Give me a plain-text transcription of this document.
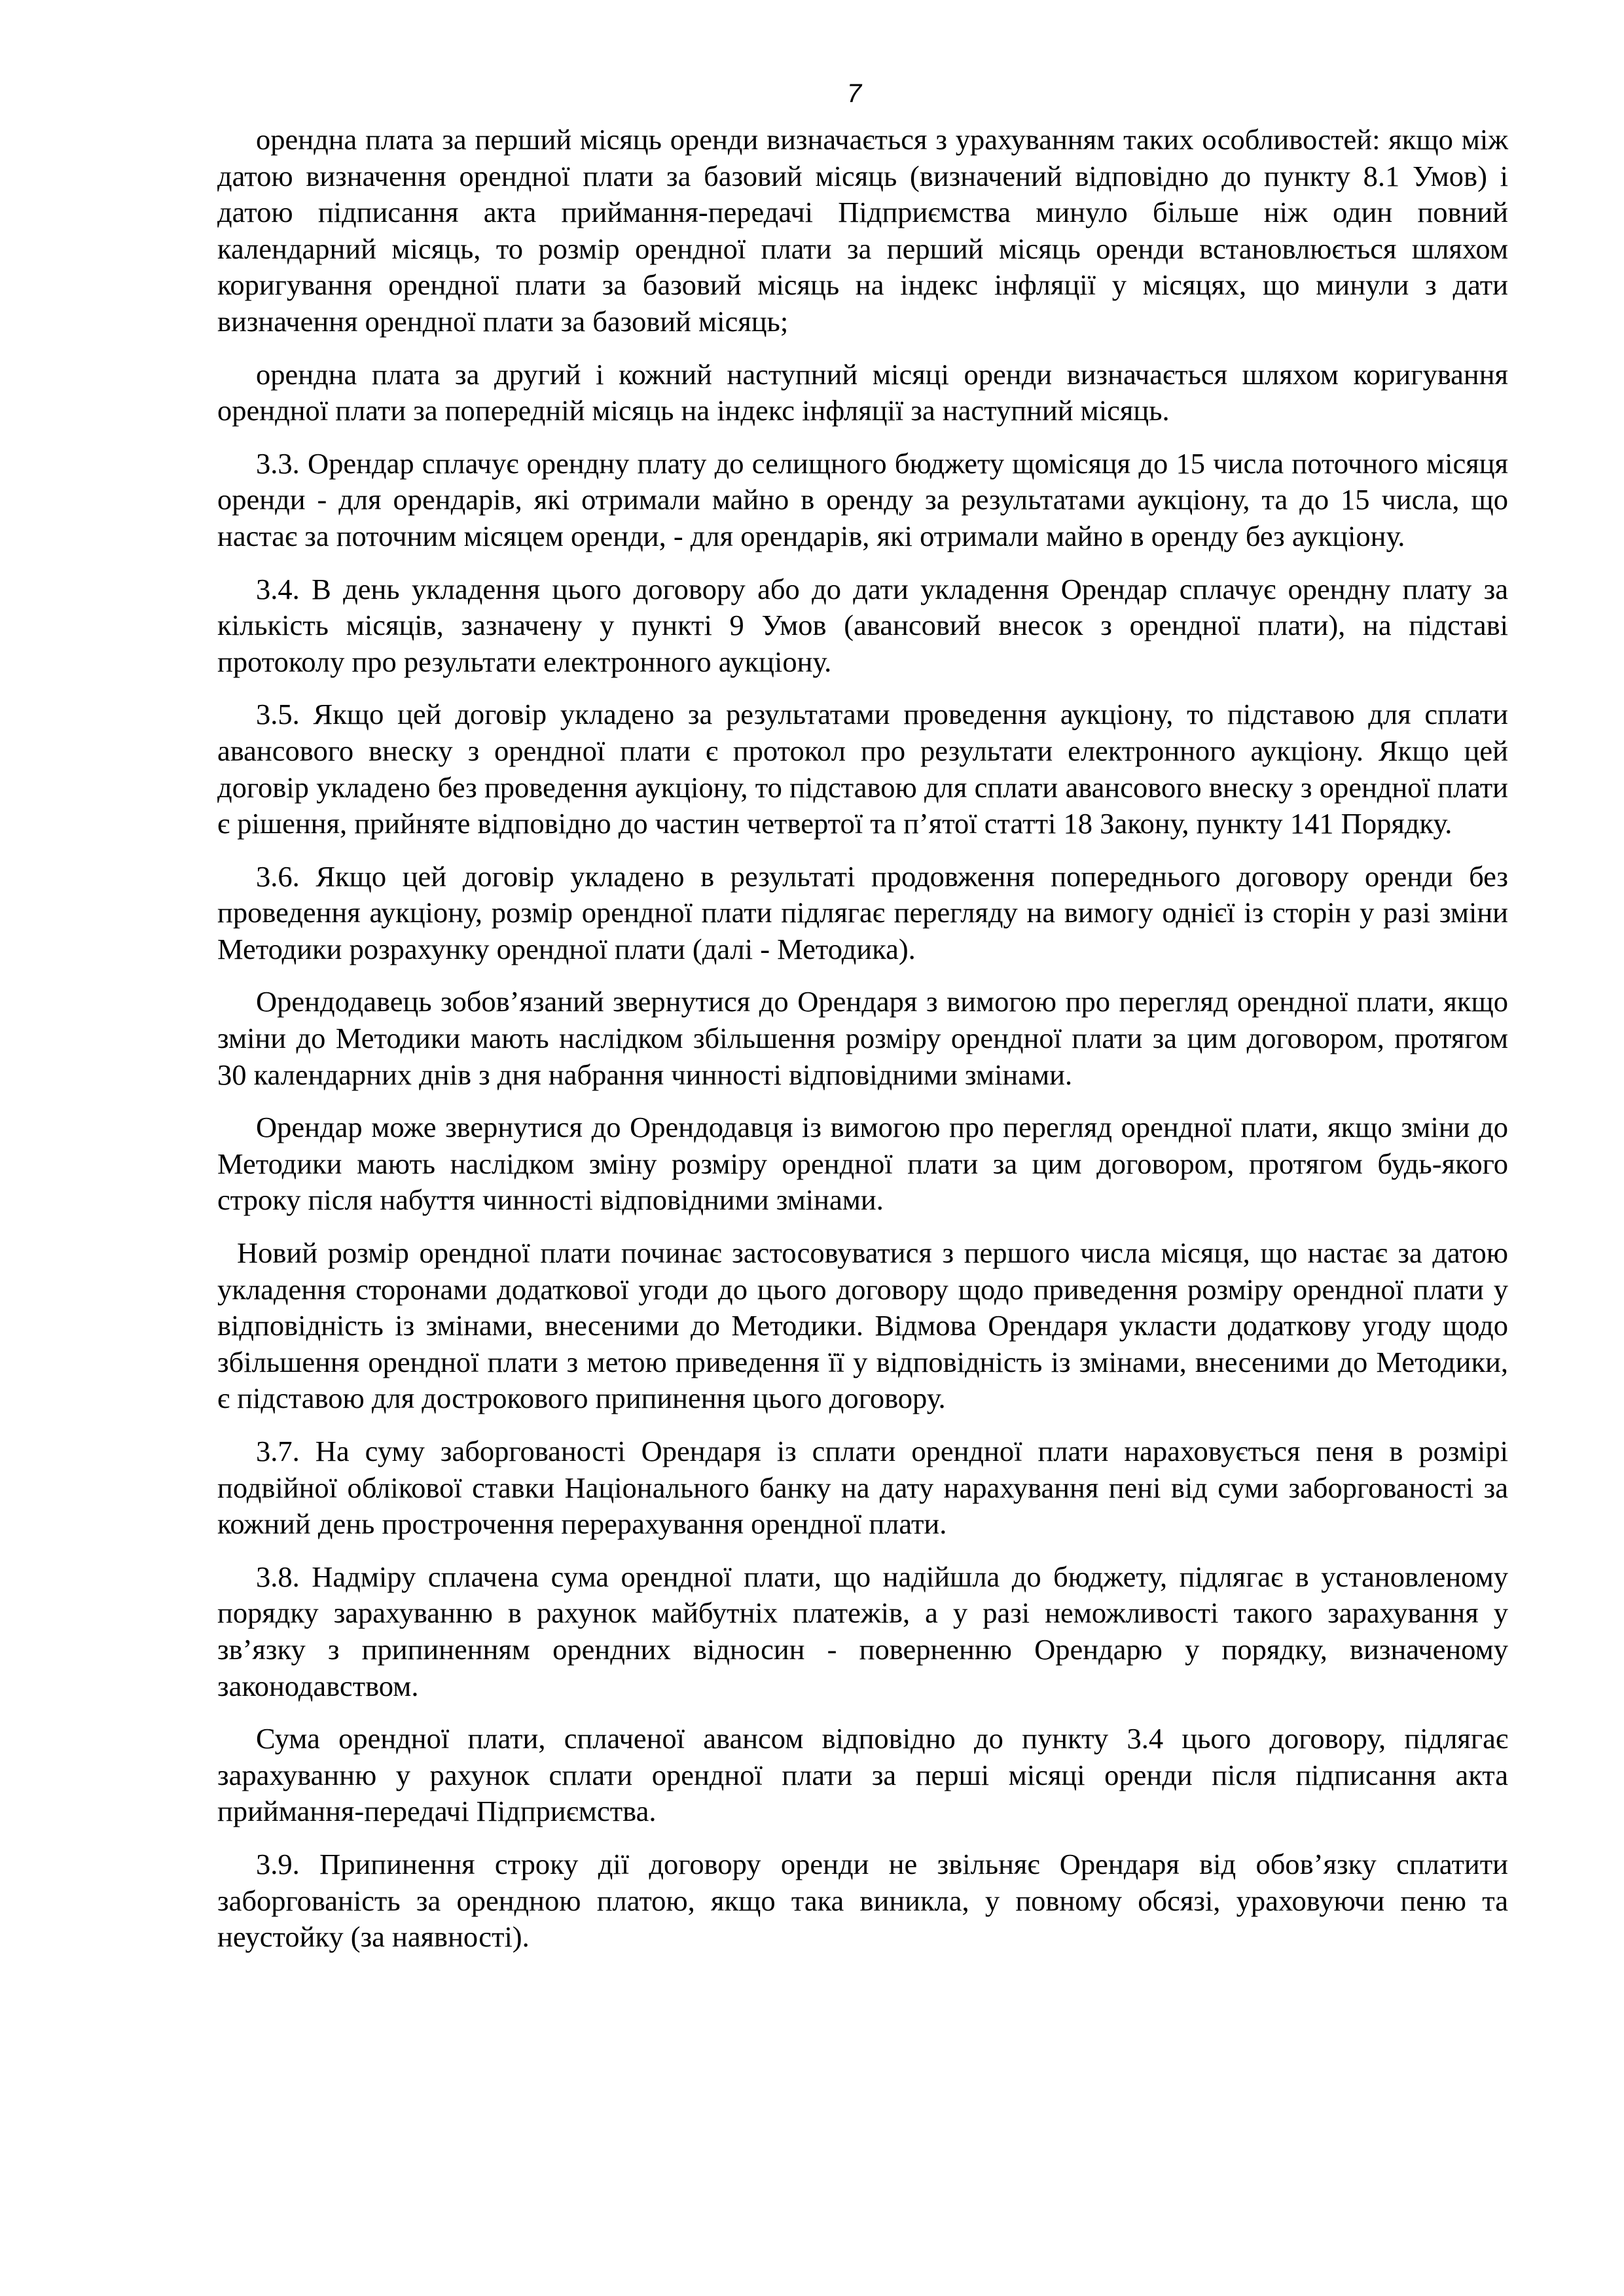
7

орендна плата за перший місяць оренди визначається з урахуванням таких особливостей: якщо між датою визначення орендної плати за базовий місяць (визначений відповідно до пункту 8.1 Умов) і датою підписання акта приймання-передачі Підприємства минуло більше ніж один повний календарний місяць, то розмір орендної плати за перший місяць оренди встановлюється шляхом коригування орендної плати за базовий місяць на індекс інфляції у місяцях, що минули з дати визначення орендної плати за базовий місяць;

орендна плата за другий і кожний наступний місяці оренди визначається шляхом коригування орендної плати за попередній місяць на індекс інфляції за наступний місяць.

3.3. Орендар сплачує орендну плату до селищного бюджету щомісяця до 15 числа поточного місяця оренди - для орендарів, які отримали майно в оренду за результатами аукціону, та до 15 числа, що настає за поточним місяцем оренди, - для орендарів, які отримали майно в оренду без аукціону.

3.4. В день укладення цього договору або до дати укладення Орендар сплачує орендну плату за кількість місяців, зазначену у пункті 9 Умов (авансовий внесок з орендної плати), на підставі протоколу про результати електронного аукціону.

3.5. Якщо цей договір укладено за результатами проведення аукціону, то підставою для сплати авансового внеску з орендної плати є протокол про результати електронного аукціону. Якщо цей договір укладено без проведення аукціону, то підставою для сплати авансового внеску з орендної плати є рішення, прийняте відповідно до частин четвертої та п’ятої статті 18 Закону, пункту 141 Порядку.

3.6. Якщо цей договір укладено в результаті продовження попереднього договору оренди без проведення аукціону, розмір орендної плати підлягає перегляду на вимогу однієї із сторін у разі зміни Методики розрахунку орендної плати (далі - Методика).

Орендодавець зобов’язаний звернутися до Орендаря з вимогою про перегляд орендної плати, якщо зміни до Методики мають наслідком збільшення розміру орендної плати за цим договором, протягом 30 календарних днів з дня набрання чинності відповідними змінами.

Орендар може звернутися до Орендодавця із вимогою про перегляд орендної плати, якщо зміни до Методики мають наслідком зміну розміру орендної плати за цим договором, протягом будь-якого строку після набуття чинності відповідними змінами.

Новий розмір орендної плати починає застосовуватися з першого числа місяця, що настає за датою укладення сторонами додаткової угоди до цього договору щодо приведення розміру орендної плати у відповідність із змінами, внесеними до Методики. Відмова Орендаря укласти додаткову угоду щодо збільшення орендної плати з метою приведення її у відповідність із змінами, внесеними до Методики, є підставою для дострокового припинення цього договору.

3.7. На суму заборгованості Орендаря із сплати орендної плати нараховується пеня в розмірі подвійної облікової ставки Національного банку на дату нарахування пені від суми заборгованості за кожний день прострочення перерахування орендної плати.

3.8. Надміру сплачена сума орендної плати, що надійшла до бюджету, підлягає в установленому порядку зарахуванню в рахунок майбутніх платежів, а у разі неможливості такого зарахування у зв’язку з припиненням орендних відносин - поверненню Орендарю у порядку, визначеному законодавством.

Сума орендної плати, сплаченої авансом відповідно до пункту 3.4 цього договору, підлягає зарахуванню у рахунок сплати орендної плати за перші місяці оренди після підписання акта приймання-передачі Підприємства.

3.9. Припинення строку дії договору оренди не звільняє Орендаря від обов’язку сплатити заборгованість за орендною платою, якщо така виникла, у повному обсязі, ураховуючи пеню та неустойку (за наявності).
